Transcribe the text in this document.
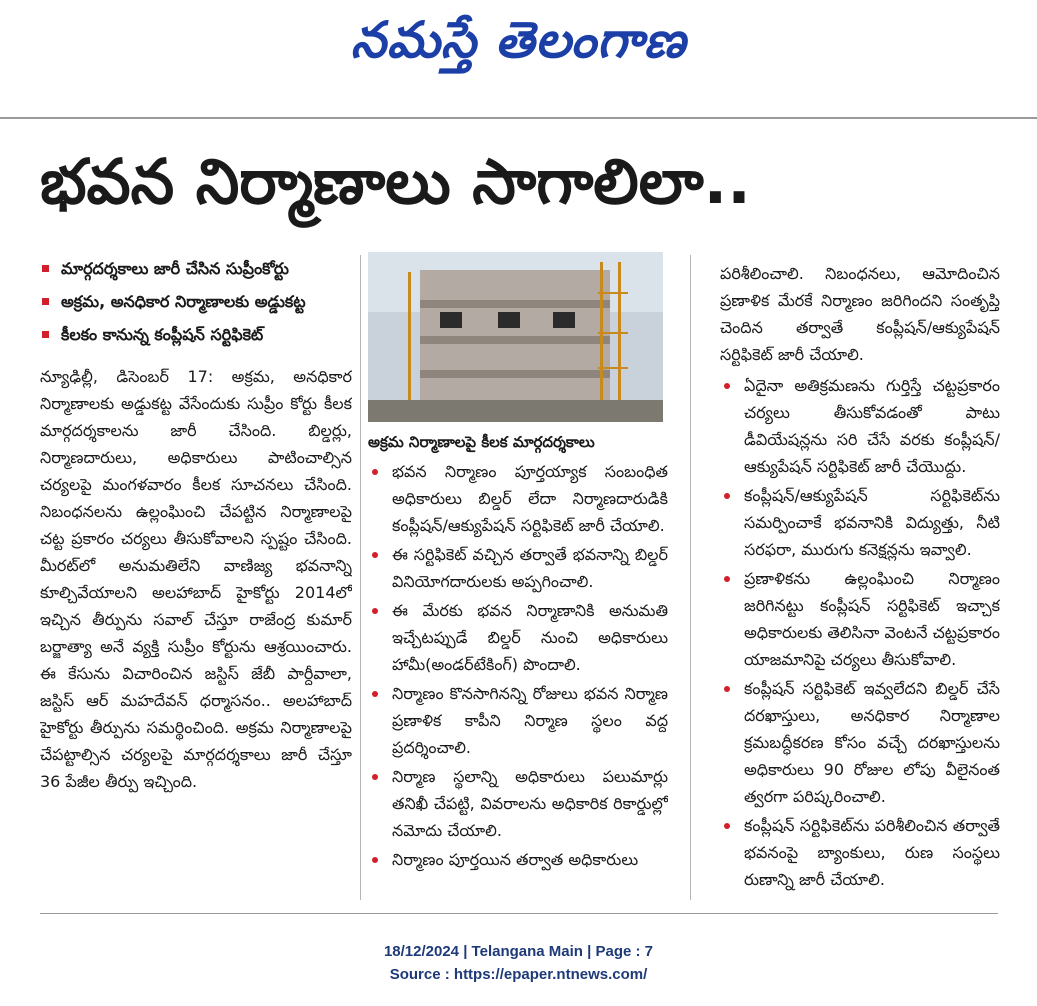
నమస్తే తెలంగాణ
భవన నిర్మాణాలు సాగాలిలా..
మార్గదర్శకాలు జారీ చేసిన సుప్రీంకోర్టు
అక్రమ, అనధికార నిర్మాణాలకు అడ్డుకట్ట
కీలకం కానున్న కంప్లీషన్ సర్టిఫికెట్

న్యూఢిల్లీ, డిసెంబర్ 17: అక్రమ, అనధికార నిర్మాణాలకు అడ్డుకట్ట వేసేందుకు సుప్రీం కోర్టు కీలక మార్గదర్శకాలను జారీ చేసింది. బిల్డర్లు, నిర్మాణదారులు, అధికారులు పాటించాల్సిన చర్యలపై మంగళవారం కీలక సూచనలు చేసింది. నిబంధనలను ఉల్లంఘించి చేపట్టిన నిర్మాణాలపై చట్ట ప్రకారం చర్యలు తీసుకోవాలని స్పష్టం చేసింది. మీరట్‌లో అనుమతిలేని వాణిజ్య భవనాన్ని కూల్చివేయాలని అలహాబాద్ హైకోర్టు 2014లో ఇచ్చిన తీర్పును సవాల్ చేస్తూ రాజేంద్ర కుమార్ బర్జాత్యా అనే వ్యక్తి సుప్రీం కోర్టును ఆశ్రయించారు. ఈ కేసును విచారించిన జస్టిస్ జేబీ పార్దీవాలా, జస్టిస్ ఆర్ మహదేవన్ ధర్మాసనం.. అలహాబాద్ హైకోర్టు తీర్పును సమర్థించింది. అక్రమ నిర్మాణాలపై చేపట్టాల్సిన చర్యలపై మార్గదర్శకాలు జారీ చేస్తూ 36 పేజీల తీర్పు ఇచ్చింది.

అక్రమ నిర్మాణాలపై కీలక మార్గదర్శకాలు
భవన నిర్మాణం పూర్తయ్యాక సంబంధిత అధికారులు బిల్డర్ లేదా నిర్మాణదారుడికి కంప్లీషన్/ఆక్యుపేషన్ సర్టిఫికెట్ జారీ చేయాలి.
ఈ సర్టిఫికెట్ వచ్చిన తర్వాతే భవనాన్ని బిల్డర్ వినియోగదారులకు అప్పగించాలి.
ఈ మేరకు భవన నిర్మాణానికి అనుమతి ఇచ్చేటప్పుడే బిల్డర్ నుంచి అధికారులు హామీ(అండర్‌టేకింగ్) పొందాలి.
నిర్మాణం కొనసాగినన్ని రోజులు భవన నిర్మాణ ప్రణాళిక కాపీని నిర్మాణ స్థలం వద్ద ప్రదర్శించాలి.
నిర్మాణ స్థలాన్ని అధికారులు పలుమార్లు తనిఖీ చేపట్టి, వివరాలను అధికారిక రికార్డుల్లో నమోదు చేయాలి.
నిర్మాణం పూర్తయిన తర్వాత అధికారులు

పరిశీలించాలి. నిబంధనలు, ఆమోదించిన ప్రణాళిక మేరకే నిర్మాణం జరిగిందని సంతృప్తి చెందిన తర్వాతే కంప్లీషన్/ఆక్యుపేషన్ సర్టిఫికెట్ జారీ చేయాలి.

ఏదైనా అతిక్రమణను గుర్తిస్తే చట్టప్రకారం చర్యలు తీసుకోవడంతో పాటు డీవియేషన్లను సరి చేసే వరకు కంప్లీషన్/ఆక్యుపేషన్ సర్టిఫికెట్ జారీ చేయొద్దు.
కంప్లీషన్/ఆక్యుపేషన్ సర్టిఫికెట్‌ను సమర్పించాకే భవనానికి విద్యుత్తు, నీటి సరఫరా, మురుగు కనెక్షన్లను ఇవ్వాలి.
ప్రణాళికను ఉల్లంఘించి నిర్మాణం జరిగినట్టు కంప్లీషన్ సర్టిఫికెట్ ఇచ్చాక అధికారులకు తెలిసినా వెంటనే చట్టప్రకారం యాజమానిపై చర్యలు తీసుకోవాలి.
కంప్లీషన్ సర్టిఫికెట్ ఇవ్వలేదని బిల్డర్ చేసే దరఖాస్తులు, అనధికార నిర్మాణాల క్రమబద్ధీకరణ కోసం వచ్చే దరఖాస్తులను అధికారులు 90 రోజుల లోపు వీలైనంత త్వరగా పరిష్కరించాలి.
కంప్లీషన్ సర్టిఫికెట్‌ను పరిశీలించిన తర్వాతే భవనంపై బ్యాంకులు, రుణ సంస్థలు రుణాన్ని జారీ చేయాలి.
18/12/2024 | Telangana Main | Page : 7
Source : https://epaper.ntnews.com/
